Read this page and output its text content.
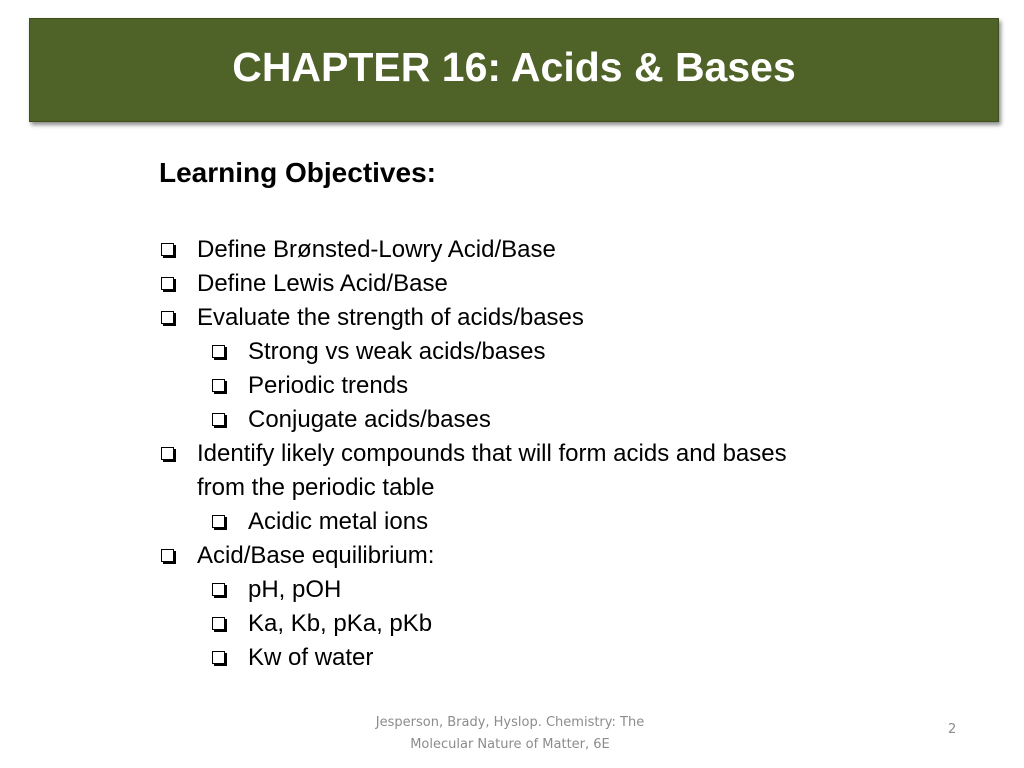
CHAPTER 16: Acids & Bases
Learning Objectives:
Define Brønsted-Lowry Acid/Base
Define Lewis Acid/Base
Evaluate the strength of acids/bases
Strong vs weak acids/bases
Periodic trends
Conjugate acids/bases
Identify likely compounds that will form acids and bases from the periodic table
Acidic metal ions
Acid/Base equilibrium:
pH, pOH
Ka, Kb, pKa, pKb
Kw of water
Jesperson, Brady, Hyslop. Chemistry: The
Molecular Nature of Matter, 6E
2
